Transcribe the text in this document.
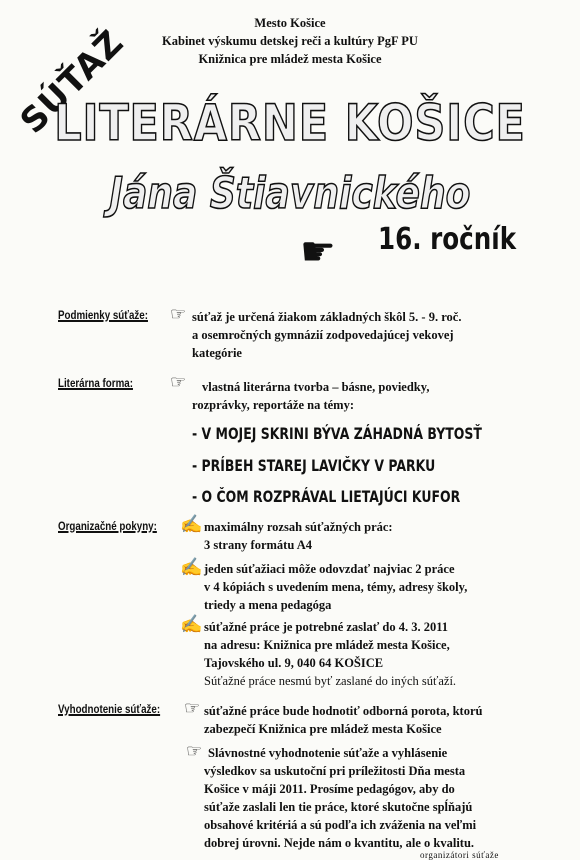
SÚŤAŽ	Mesto Košice
Kabinet výskumu detskej reči a kultúry PgF PU
Knižnica pre mládež mesta Košice
LITERÁRNE KOŠICE
Jána Štiavnického
☛ 16. ročník
Podmienky súťaže: ☞ súťaž je určená žiakom základných škôl 5. - 9. roč.
a osemročných gymnázií zodpovedajúcej vekovej
kategórie
Literárna forma: ☞ vlastná literárna tvorba – básne, poviedky,
rozprávky, reportáže na témy:
- V MOJEJ SKRINI BÝVA ZÁHADNÁ BYTOSŤ
- PRÍBEH STAREJ LAVIČKY V PARKU
- O ČOM ROZPRÁVAL LIETAJÚCI KUFOR
Organizačné pokyny: ✍ maximálny rozsah súťažných prác:
3 strany formátu A4
✍ jeden súťažiaci môže odovzdať najviac 2 práce
v 4 kópiách s uvedením mena, témy, adresy školy,
triedy a mena pedagóga
✍ súťažné práce je potrebné zaslať do 4. 3. 2011
na adresu: Knižnica pre mládež mesta Košice,
Tajovského ul. 9, 040 64 KOŠICE
Súťažné práce nesmú byť zaslané do iných súťaží.
Vyhodnotenie súťaže: ☞ súťažné práce bude hodnotiť odborná porota, ktorú
zabezpečí Knižnica pre mládež mesta Košice
☞ Slávnostné vyhodnotenie súťaže a vyhlásenie
výsledkov sa uskutoční pri príležitosti Dňa mesta
Košice v máji 2011. Prosíme pedagógov, aby do
súťaže zaslali len tie práce, ktoré skutočne spĺňajú
obsahové kritériá a sú podľa ich zváženia na veľmi
dobrej úrovni. Nejde nám o kvantitu, ale o kvalitu.
organizátori súťaže
